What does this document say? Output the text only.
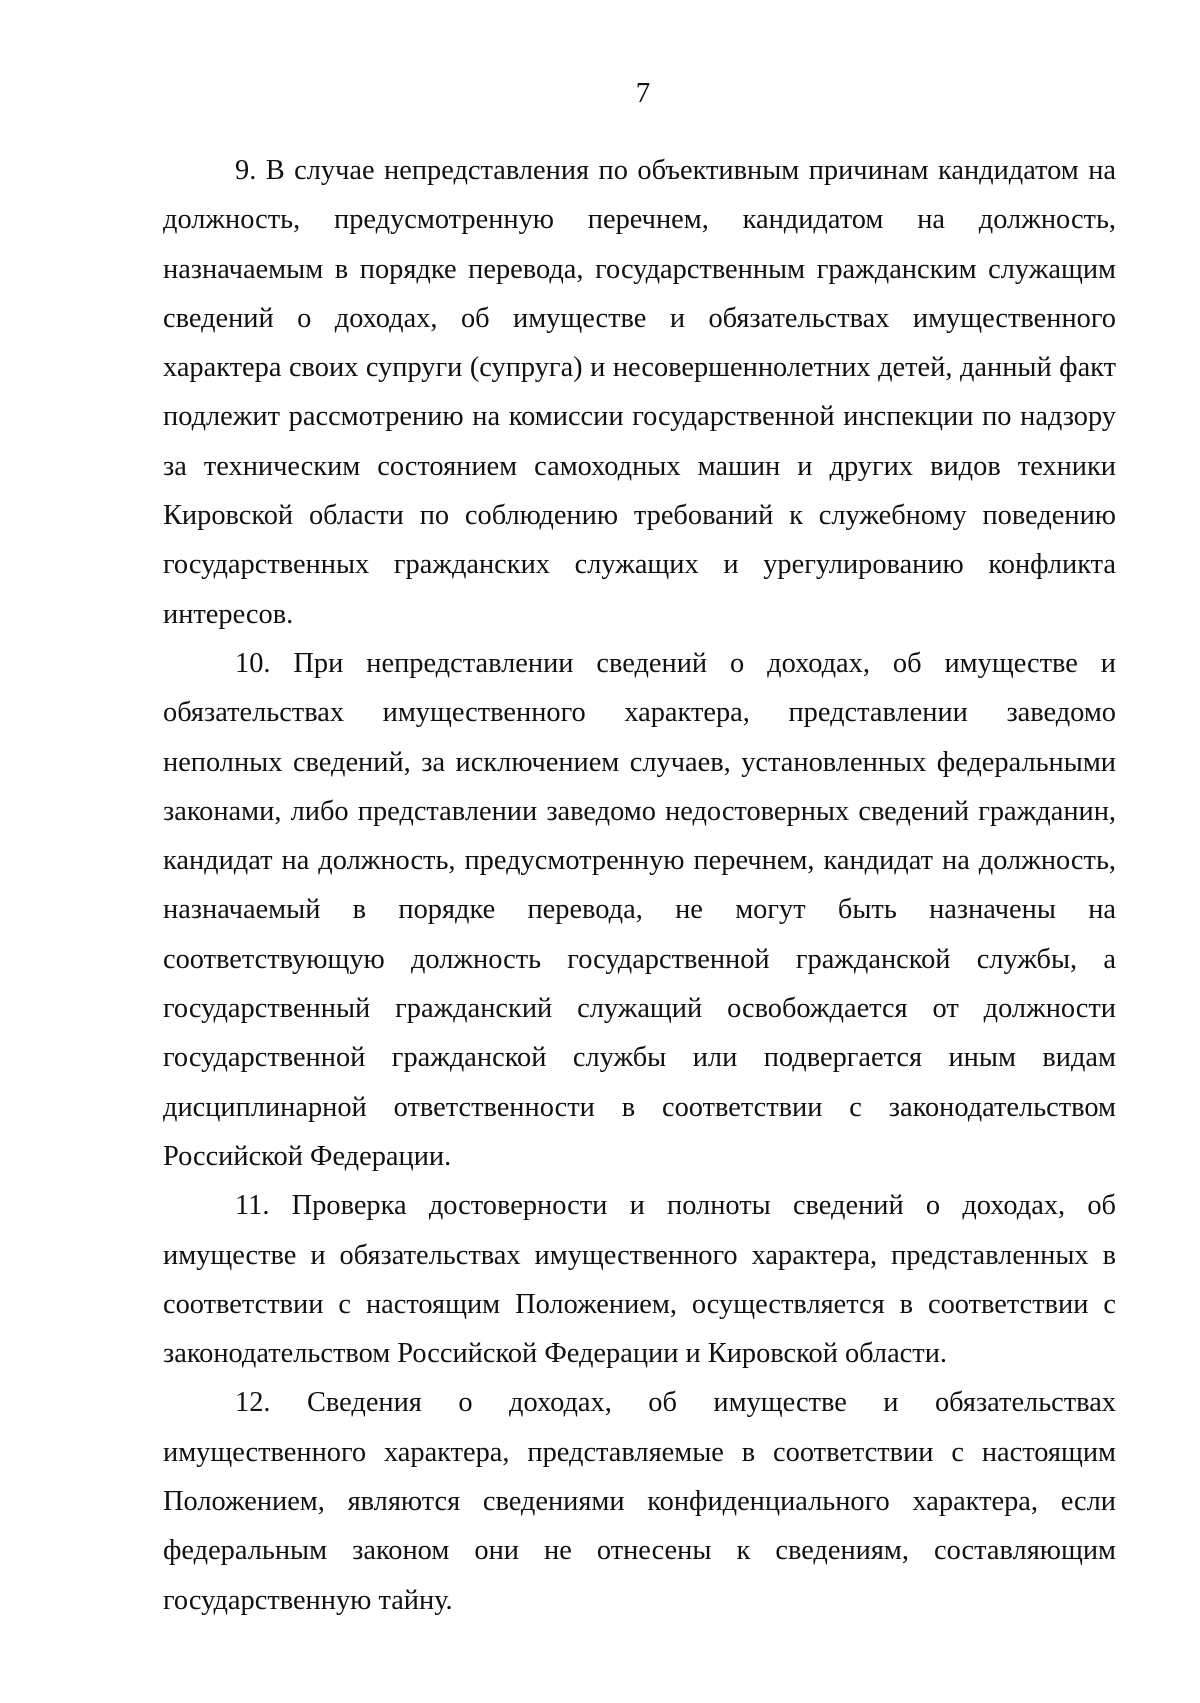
7

9. В случае непредставления по объективным причинам кандидатом на должность, предусмотренную перечнем, кандидатом на должность, назначаемым в порядке перевода, государственным гражданским служащим сведений о доходах, об имуществе и обязательствах имущественного характера своих супруги (супруга) и несовершеннолетних детей, данный факт подлежит рассмотрению на комиссии государственной инспекции по надзору за техническим состоянием самоходных машин и других видов техники Кировской области по соблюдению требований к служебному поведению государственных гражданских служащих и урегулированию конфликта интересов.

10. При непредставлении сведений о доходах, об имуществе и обязательствах имущественного характера, представлении заведомо неполных сведений, за исключением случаев, установленных федеральными законами, либо представлении заведомо недостоверных сведений гражданин, кандидат на должность, предусмотренную перечнем, кандидат на должность, назначаемый в порядке перевода, не могут быть назначены на соответствующую должность государственной гражданской службы, а государственный гражданский служащий освобождается от должности государственной гражданской службы или подвергается иным видам дисциплинарной ответственности в соответствии с законодательством Российской Федерации.

11. Проверка достоверности и полноты сведений о доходах, об имуществе и обязательствах имущественного характера, представленных в соответствии с настоящим Положением, осуществляется в соответствии с законодательством Российской Федерации и Кировской области.

12. Сведения о доходах, об имуществе и обязательствах имущественного характера, представляемые в соответствии с настоящим Положением, являются сведениями конфиденциального характера, если федеральным законом они не отнесены к сведениям, составляющим государственную тайну.
